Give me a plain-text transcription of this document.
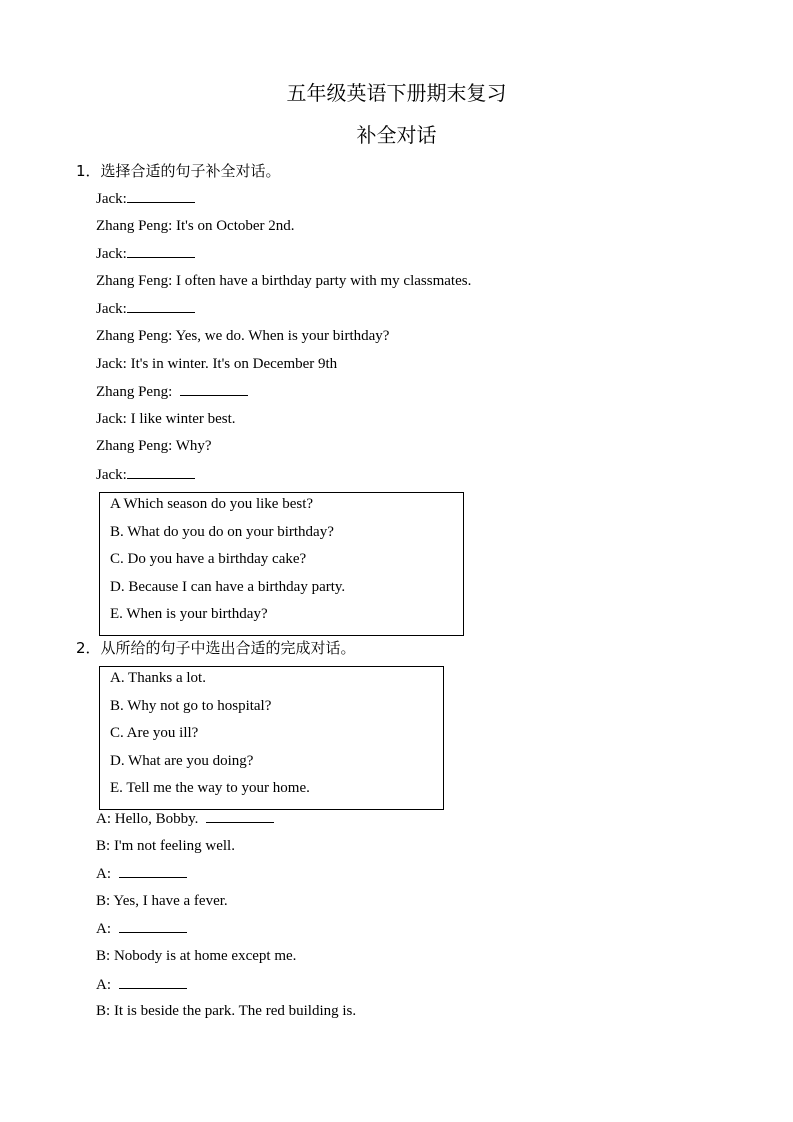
五年级英语下册期末复习
补全对话
1．选择合适的句子补全对话。
Jack:
Zhang Peng: It's on October 2nd.
Jack:
Zhang Feng: I often have a birthday party with my classmates.
Jack:
Zhang Peng: Yes, we do. When is your birthday?
Jack: It's in winter. It's on December 9th
Zhang Peng:
Jack: I like winter best.
Zhang Peng: Why?
Jack:
A Which season do you like best?
B. What do you do on your birthday?
C. Do you have a birthday cake?
D. Because I can have a birthday party.
E. When is your birthday?
2．从所给的句子中选出合适的完成对话。
A. Thanks a lot.
B. Why not go to hospital?
C. Are you ill?
D. What are you doing?
E. Tell me the way to your home.
A: Hello, Bobby.
B: I'm not feeling well.
A:
B: Yes, I have a fever.
A:
B: Nobody is at home except me.
A:
B: It is beside the park. The red building is.
